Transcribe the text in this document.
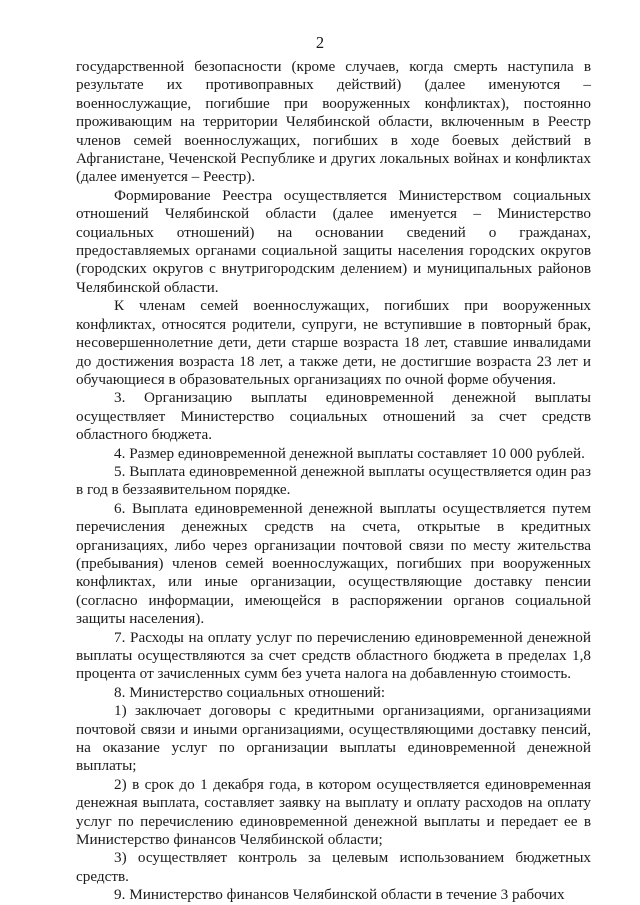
2

государственной безопасности (кроме случаев, когда смерть наступила в результате их противоправных действий) (далее именуются – военнослужащие, погибшие при вооруженных конфликтах), постоянно проживающим на территории Челябинской области, включенным в Реестр членов семей военнослужащих, погибших в ходе боевых действий в Афганистане, Чеченской Республике и других локальных войнах и конфликтах (далее именуется – Реестр).

Формирование Реестра осуществляется Министерством социальных отношений Челябинской области (далее именуется – Министерство социальных отношений) на основании сведений о гражданах, предоставляемых органами социальной защиты населения городских округов (городских округов с внутригородским делением) и муниципальных районов Челябинской области.

К членам семей военнослужащих, погибших при вооруженных конфликтах, относятся родители, супруги, не вступившие в повторный брак, несовершеннолетние дети, дети старше возраста 18 лет, ставшие инвалидами до достижения возраста 18 лет, а также дети, не достигшие возраста 23 лет и обучающиеся в образовательных организациях по очной форме обучения.

3. Организацию выплаты единовременной денежной выплаты осуществляет Министерство социальных отношений за счет средств областного бюджета.

4. Размер единовременной денежной выплаты составляет 10 000 рублей.

5. Выплата единовременной денежной выплаты осуществляется один раз в год в беззаявительном порядке.

6. Выплата единовременной денежной выплаты осуществляется путем перечисления денежных средств на счета, открытые в кредитных организациях, либо через организации почтовой связи по месту жительства (пребывания) членов семей военнослужащих, погибших при вооруженных конфликтах, или иные организации, осуществляющие доставку пенсии (согласно информации, имеющейся в распоряжении органов социальной защиты населения).

7. Расходы на оплату услуг по перечислению единовременной денежной выплаты осуществляются за счет средств областного бюджета в пределах 1,8 процента от зачисленных сумм без учета налога на добавленную стоимость.

8. Министерство социальных отношений:

1) заключает договоры с кредитными организациями, организациями почтовой связи и иными организациями, осуществляющими доставку пенсий, на оказание услуг по организации выплаты единовременной денежной выплаты;

2) в срок до 1 декабря года, в котором осуществляется единовременная денежная выплата, составляет заявку на выплату и оплату расходов на оплату услуг по перечислению единовременной денежной выплаты и передает ее в Министерство финансов Челябинской области;

3) осуществляет контроль за целевым использованием бюджетных средств.

9. Министерство финансов Челябинской области в течение 3 рабочих
